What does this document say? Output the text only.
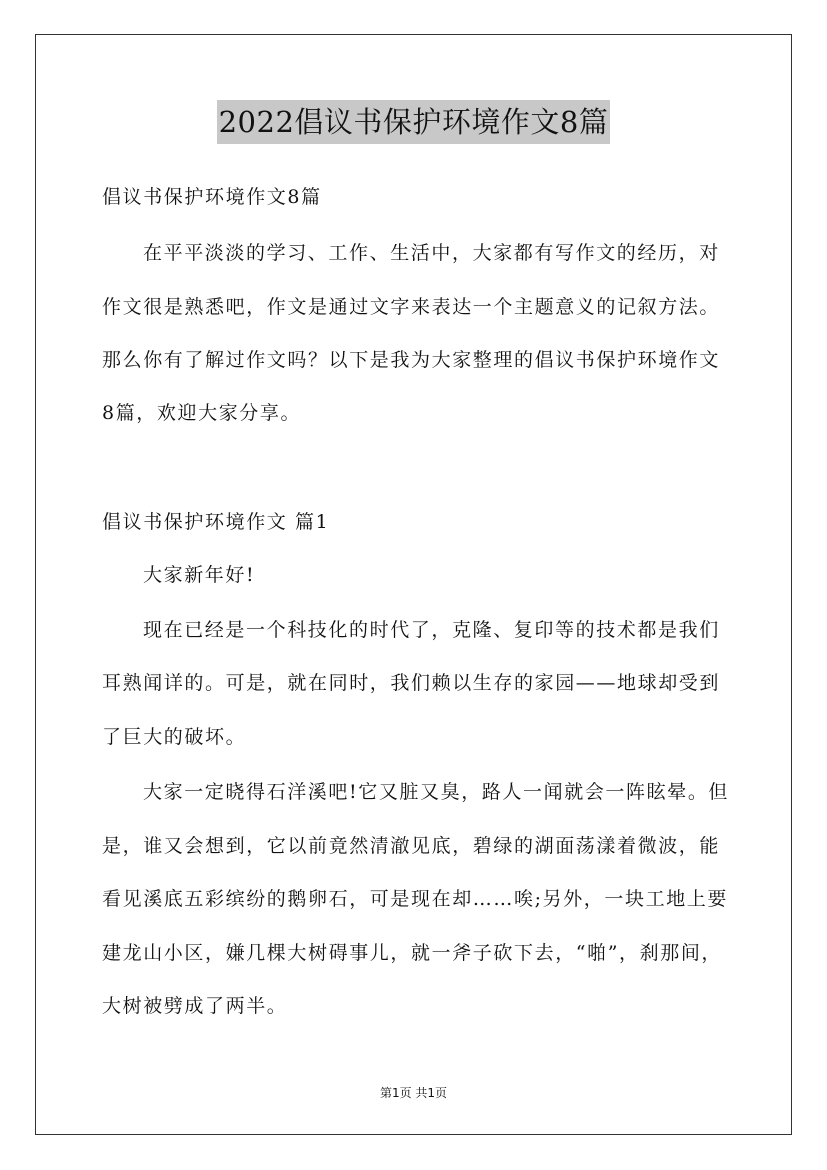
2022倡议书保护环境作文8篇
倡议书保护环境作文8篇
在平平淡淡的学习、工作、生活中，大家都有写作文的经历，对
作文很是熟悉吧，作文是通过文字来表达一个主题意义的记叙方法。
那么你有了解过作文吗？以下是我为大家整理的倡议书保护环境作文
8篇，欢迎大家分享。
倡议书保护环境作文 篇1
大家新年好!
现在已经是一个科技化的时代了，克隆、复印等的技术都是我们
耳熟闻详的。可是，就在同时，我们赖以生存的家园——地球却受到
了巨大的破坏。
大家一定晓得石洋溪吧!它又脏又臭，路人一闻就会一阵眩晕。但
是，谁又会想到，它以前竟然清澈见底，碧绿的湖面荡漾着微波，能
看见溪底五彩缤纷的鹅卵石，可是现在却……唉;另外，一块工地上要
建龙山小区，嫌几棵大树碍事儿，就一斧子砍下去，“啪”，刹那间，
大树被劈成了两半。
第1页 共1页
